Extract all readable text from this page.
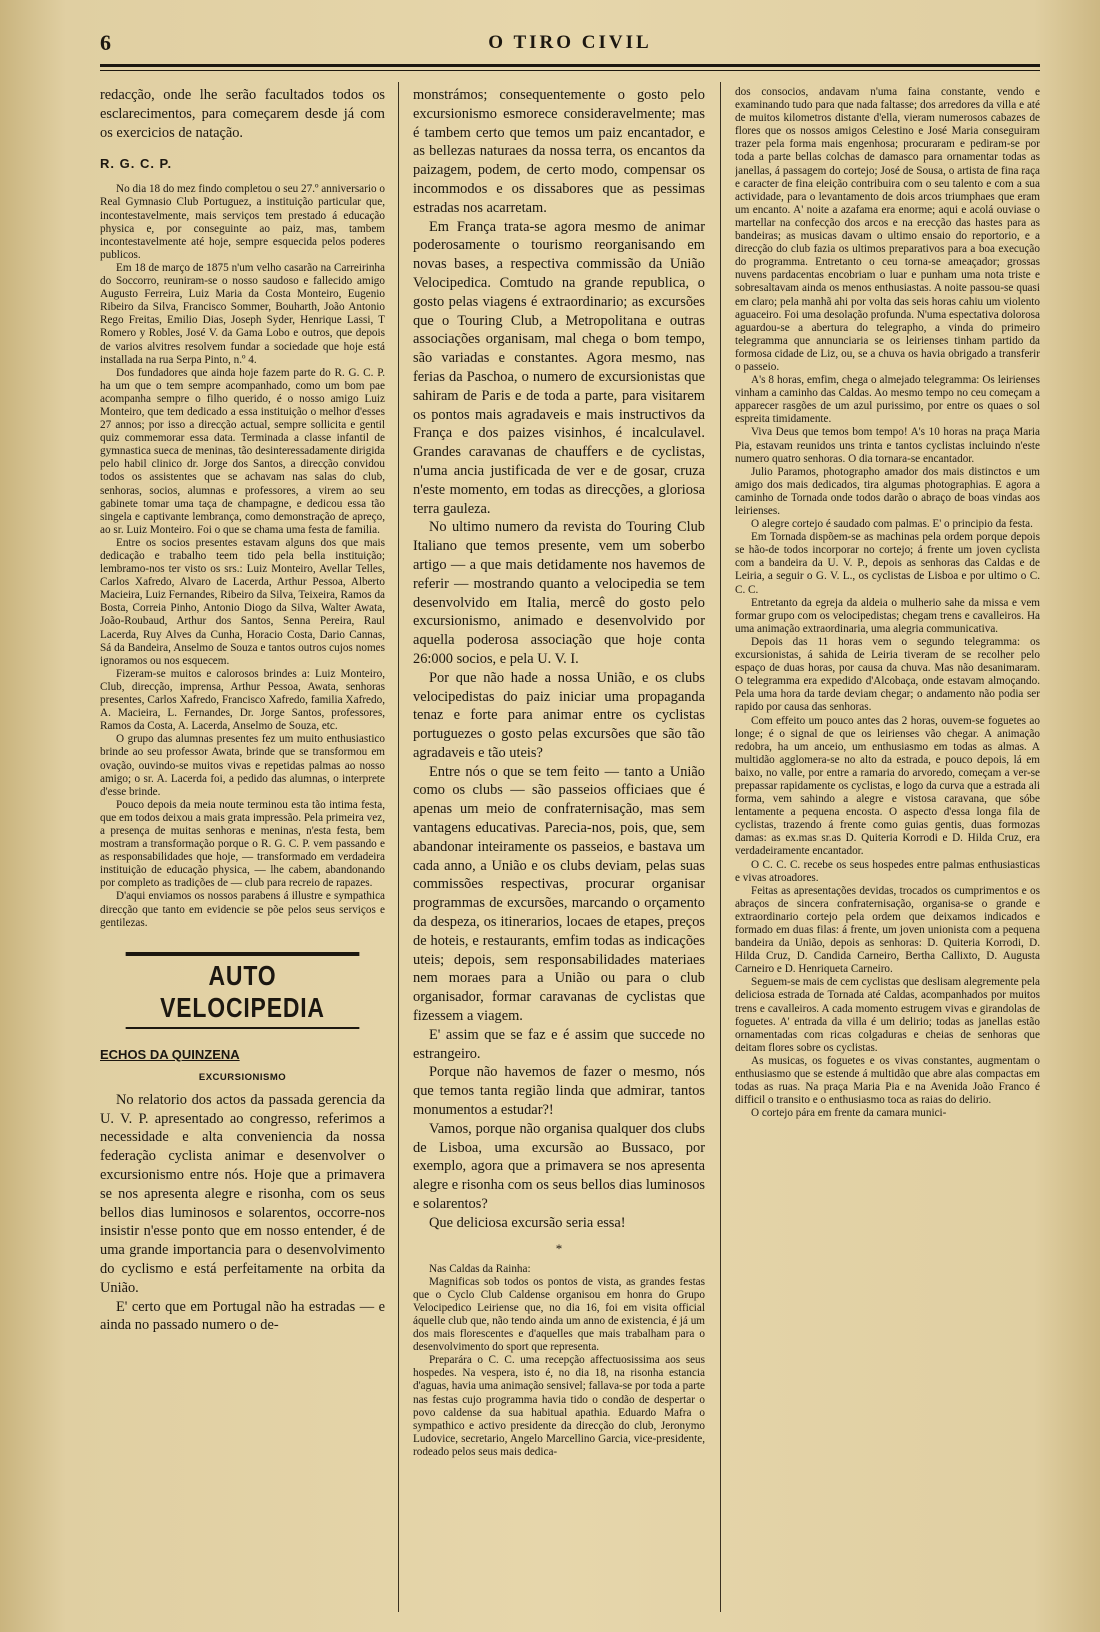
6	O TIRO CIVIL

redacção, onde lhe serão facultados todos os esclarecimentos, para começarem desde já com os exercicios de natação.

R. G. C. P.

No dia 18 do mez findo completou o seu 27.º anniversario o Real Gymnasio Club Portuguez, a instituição particular que, incontestavelmente, mais serviços tem prestado á educação physica e, por conseguinte ao paiz, mas, tambem incontestavelmente até hoje, sempre esquecida pelos poderes publicos.

Em 18 de março de 1875 n'um velho casarão na Carreirinha do Soccorro, reuniram-se o nosso saudoso e fallecido amigo Augusto Ferreira, Luiz Maria da Costa Monteiro, Eugenio Ribeiro da Silva, Francisco Sommer, Bouharth, João Antonio Rego Freitas, Emilio Dias, Joseph Syder, Henrique Lassi, T Romero y Robles, José V. da Gama Lobo e outros, que depois de varios alvitres resolvem fundar a sociedade que hoje está installada na rua Serpa Pinto, n.º 4.

Dos fundadores que ainda hoje fazem parte do R. G. C. P. ha um que o tem sempre acompanhado, como um bom pae acompanha sempre o filho querido, é o nosso amigo Luiz Monteiro, que tem dedicado a essa instituição o melhor d'esses 27 annos; por isso a direcção actual, sempre sollicita e gentil quiz commemorar essa data. Terminada a classe infantil de gymnastica sueca de meninas, tão desinteressadamente dirigida pelo habil clinico dr. Jorge dos Santos, a direcção convidou todos os assistentes que se achavam nas salas do club, senhoras, socios, alumnas e professores, a virem ao seu gabinete tomar uma taça de champagne, e dedicou essa tão singela e captivante lembrança, como demonstração de apreço, ao sr. Luiz Monteiro. Foi o que se chama uma festa de familia.

Entre os socios presentes estavam alguns dos que mais dedicação e trabalho teem tido pela bella instituição; lembramo-nos ter visto os srs.: Luiz Monteiro, Avellar Telles, Carlos Xafredo, Alvaro de Lacerda, Arthur Pessoa, Alberto Macieira, Luiz Fernandes, Ribeiro da Silva, Teixeira, Ramos da Bosta, Correia Pinho, Antonio Diogo da Silva, Walter Awata, João-Roubaud, Arthur dos Santos, Senna Pereira, Raul Lacerda, Ruy Alves da Cunha, Horacio Costa, Dario Cannas, Sá da Bandeira, Anselmo de Souza e tantos outros cujos nomes ignoramos ou nos esquecem.

Fizeram-se muitos e calorosos brindes a: Luiz Monteiro, Club, direcção, imprensa, Arthur Pessoa, Awata, senhoras presentes, Carlos Xafredo, Francisco Xafredo, familia Xafredo, A. Macieira, L. Fernandes, Dr. Jorge Santos, professores, Ramos da Costa, A. Lacerda, Anselmo de Souza, etc.

O grupo das alumnas presentes fez um muito enthusiastico brinde ao seu professor Awata, brinde que se transformou em ovação, ouvindo-se muitos vivas e repetidas palmas ao nosso amigo; o sr. A. Lacerda foi, a pedido das alumnas, o interprete d'esse brinde.

Pouco depois da meia noute terminou esta tão intima festa, que em todos deixou a mais grata impressão. Pela primeira vez, a presença de muitas senhoras e meninas, n'esta festa, bem mostram a transformação porque o R. G. C. P. vem passando e as responsabilidades que hoje, — transformado em verdadeira instituição de educação physica, — lhe cabem, abandonando por completo as tradições de — club para recreio de rapazes.

D'aqui enviamos os nossos parabens á illustre e sympathica direcção que tanto em evidencie se põe pelos seus serviços e gentilezas.

AUTO VELOCIPEDIA
ECHOS DA QUINZENA
EXCURSIONISMO

No relatorio dos actos da passada gerencia da U. V. P. apresentado ao congresso, referimos a necessidade e alta conveniencia da nossa federação cyclista animar e desenvolver o excursionismo entre nós. Hoje que a primavera se nos apresenta alegre e risonha, com os seus bellos dias luminosos e solarentos, occorre-nos insistir n'esse ponto que em nosso entender, é de uma grande importancia para o desenvolvimento do cyclismo e está perfeitamente na orbita da União.

E' certo que em Portugal não ha estradas — e ainda no passado numero o de-

monstrámos; consequentemente o gosto pelo excursionismo esmorece consideravelmente; mas é tambem certo que temos um paiz encantador, e as bellezas naturaes da nossa terra, os encantos da paizagem, podem, de certo modo, compensar os incommodos e os dissabores que as pessimas estradas nos acarretam.

Em França trata-se agora mesmo de animar poderosamente o tourismo reorganisando em novas bases, a respectiva commissão da União Velocipedica. Comtudo na grande republica, o gosto pelas viagens é extraordinario; as excursões que o Touring Club, a Metropolitana e outras associações organisam, mal chega o bom tempo, são variadas e constantes. Agora mesmo, nas ferias da Paschoa, o numero de excursionistas que sahiram de Paris e de toda a parte, para visitarem os pontos mais agradaveis e mais instructivos da França e dos paizes visinhos, é incalculavel. Grandes caravanas de chauffers e de cyclistas, n'uma ancia justificada de ver e de gosar, cruza n'este momento, em todas as direcções, a gloriosa terra gauleza.

No ultimo numero da revista do Touring Club Italiano que temos presente, vem um soberbo artigo — a que mais detidamente nos havemos de referir — mostrando quanto a velocipedia se tem desenvolvido em Italia, mercê do gosto pelo excursionismo, animado e desenvolvido por aquella poderosa associação que hoje conta 26:000 socios, e pela U. V. I.

Por que não hade a nossa União, e os clubs velocipedistas do paiz iniciar uma propaganda tenaz e forte para animar entre os cyclistas portuguezes o gosto pelas excursões que são tão agradaveis e tão uteis?

Entre nós o que se tem feito — tanto a União como os clubs — são passeios officiaes que é apenas um meio de confraternisação, mas sem vantagens educativas. Parecia-nos, pois, que, sem abandonar inteiramente os passeios, e bastava um cada anno, a União e os clubs deviam, pelas suas commissões respectivas, procurar organisar programmas de excursões, marcando o orçamento da despeza, os itinerarios, locaes de etapes, preços de hoteis, e restaurants, emfim todas as indicações uteis; depois, sem responsabilidades materiaes nem moraes para a União ou para o club organisador, formar caravanas de cyclistas que fizessem a viagem.

E' assim que se faz e é assim que succede no estrangeiro.

Porque não havemos de fazer o mesmo, nós que temos tanta região linda que admirar, tantos monumentos a estudar?!

Vamos, porque não organisa qualquer dos clubs de Lisboa, uma excursão ao Bussaco, por exemplo, agora que a primavera se nos apresenta alegre e risonha com os seus bellos dias luminosos e solarentos?

Que deliciosa excursão seria essa!

*

Nas Caldas da Rainha:

Magnificas sob todos os pontos de vista, as grandes festas que o Cyclo Club Caldense organisou em honra do Grupo Velocipedico Leiriense que, no dia 16, foi em visita official áquelle club que, não tendo ainda um anno de existencia, é já um dos mais florescentes e d'aquelles que mais trabalham para o desenvolvimento do sport que representa.

Preparára o C. C. uma recepção affectuosissima aos seus hospedes. Na vespera, isto é, no dia 18, na risonha estancia d'aguas, havia uma animação sensivel; fallava-se por toda a parte nas festas cujo programma havia tido o condão de despertar o povo caldense da sua habitual apathia. Eduardo Mafra o sympathico e activo presidente da direcção do club, Jeronymo Ludovice, secretario, Angelo Marcellino Garcia, vice-presidente, rodeado pelos seus mais dedica-

dos consocios, andavam n'uma faina constante, vendo e examinando tudo para que nada faltasse; dos arredores da villa e até de muitos kilometros distante d'ella, vieram numerosos cabazes de flores que os nossos amigos Celestino e José Maria conseguiram trazer pela forma mais engenhosa; procuraram e pediram-se por toda a parte bellas colchas de damasco para ornamentar todas as janellas, á passagem do cortejo; José de Sousa, o artista de fina raça e caracter de fina eleição contribuira com o seu talento e com a sua actividade, para o levantamento de dois arcos triumphaes que eram um encanto. A' noite a azafama era enorme; aqui e acolá ouviase o martellar na confecção dos arcos e na erecção das hastes para as bandeiras; as musicas davam o ultimo ensaio do reportorio, e a direcção do club fazia os ultimos preparativos para a boa execução do programma. Entretanto o ceu torna-se ameaçador; grossas nuvens pardacentas encobriam o luar e punham uma nota triste e sobresaltavam ainda os menos enthusiastas. A noite passou-se quasi em claro; pela manhã ahi por volta das seis horas cahiu um violento aguaceiro. Foi uma desolação profunda. N'uma espectativa dolorosa aguardou-se a abertura do telegrapho, a vinda do primeiro telegramma que annunciaria se os leirienses tinham partido da formosa cidade de Liz, ou, se a chuva os havia obrigado a transferir o passeio.

A's 8 horas, emfim, chega o almejado telegramma: Os leirienses vinham a caminho das Caldas. Ao mesmo tempo no ceu começam a apparecer rasgões de um azul purissimo, por entre os quaes o sol espreita timidamente.

Viva Deus que temos bom tempo! A's 10 horas na praça Maria Pia, estavam reunidos uns trinta e tantos cyclistas incluindo n'este numero quatro senhoras. O dia tornara-se encantador.

Julio Paramos, photographo amador dos mais distinctos e um amigo dos mais dedicados, tira algumas photographias. E agora a caminho de Tornada onde todos darão o abraço de boas vindas aos leirienses.

O alegre cortejo é saudado com palmas. E' o principio da festa.

Em Tornada dispõem-se as machinas pela ordem porque depois se hão-de todos incorporar no cortejo; á frente um joven cyclista com a bandeira da U. V. P., depois as senhoras das Caldas e de Leiria, a seguir o G. V. L., os cyclistas de Lisboa e por ultimo o C. C. C.

Entretanto da egreja da aldeia o mulherio sahe da missa e vem formar grupo com os velocipedistas; chegam trens e cavalleiros. Ha uma animação extraordinaria, uma alegria communicativa.

Depois das 11 horas vem o segundo telegramma: os excursionistas, á sahida de Leiria tiveram de se recolher pelo espaço de duas horas, por causa da chuva. Mas não desanimaram. O telegramma era expedido d'Alcobaça, onde estavam almoçando. Pela uma hora da tarde deviam chegar; o andamento não podia ser rapido por causa das senhoras.

Com effeito um pouco antes das 2 horas, ouvem-se foguetes ao longe; é o signal de que os leirienses vão chegar. A animação redobra, ha um anceio, um enthusiasmo em todas as almas. A multidão agglomera-se no alto da estrada, e pouco depois, lá em baixo, no valle, por entre a ramaria do arvoredo, começam a ver-se prepassar rapidamente os cyclistas, e logo da curva que a estrada ali forma, vem sahindo a alegre e vistosa caravana, que sóbe lentamente a pequena encosta. O aspecto d'essa longa fila de cyclistas, trazendo á frente como guias gentis, duas formozas damas: as ex.mas sr.as D. Quiteria Korrodi e D. Hilda Cruz, era verdadeiramente encantador.

O C. C. C. recebe os seus hospedes entre palmas enthusiasticas e vivas atroadores.

Feitas as apresentações devidas, trocados os cumprimentos e os abraços de sincera confraternisação, organisa-se o grande e extraordinario cortejo pela ordem que deixamos indicados e formado em duas filas: á frente, um joven unionista com a pequena bandeira da União, depois as senhoras: D. Quiteria Korrodi, D. Hilda Cruz, D. Candida Carneiro, Bertha Callixto, D. Augusta Carneiro e D. Henriqueta Carneiro.

Seguem-se mais de cem cyclistas que deslisam alegremente pela deliciosa estrada de Tornada até Caldas, acompanhados por muitos trens e cavalleiros. A cada momento estrugem vivas e girandolas de foguetes. A' entrada da villa é um delirio; todas as janellas estão ornamentadas com ricas colgaduras e cheias de senhoras que deitam flores sobre os cyclistas.

As musicas, os foguetes e os vivas constantes, augmentam o enthusiasmo que se estende á multidão que abre alas compactas em todas as ruas. Na praça Maria Pia e na Avenida João Franco é difficil o transito e o enthusiasmo toca as raias do delirio.

O cortejo pára em frente da camara munici-
